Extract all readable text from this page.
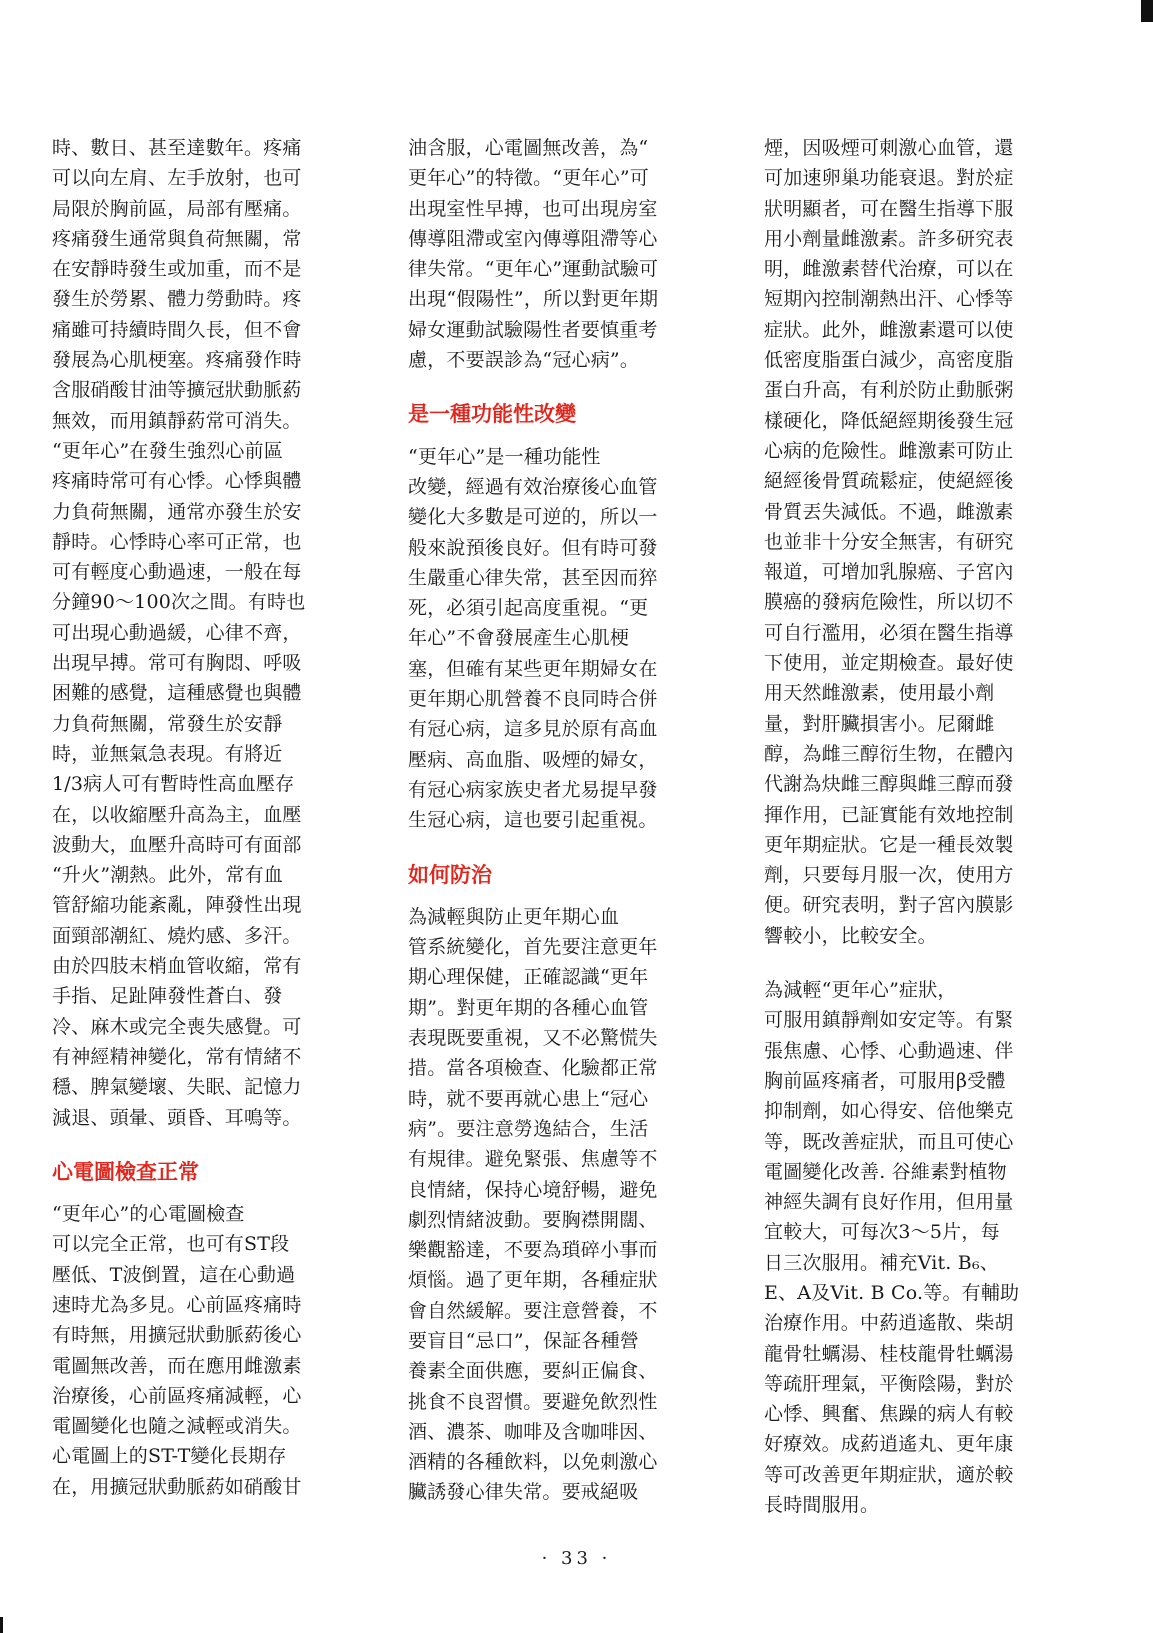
時、數日、甚至達數年。疼痛
可以向左肩、左手放射，也可
局限於胸前區，局部有壓痛。
疼痛發生通常與負荷無關，常
在安靜時發生或加重，而不是
發生於勞累、體力勞動時。疼
痛雖可持續時間久長，但不會
發展為心肌梗塞。疼痛發作時
含服硝酸甘油等擴冠狀動脈葯
無效，而用鎮靜葯常可消失。
“更年心”在發生強烈心前區
疼痛時常可有心悸。心悸與體
力負荷無關，通常亦發生於安
靜時。心悸時心率可正常，也
可有輕度心動過速，一般在每
分鐘90～100次之間。有時也
可出現心動過緩，心律不齊，
出現早搏。常可有胸悶、呼吸
困難的感覺，這種感覺也與體
力負荷無關，常發生於安靜
時，並無氣急表現。有將近
1/3病人可有暫時性高血壓存
在，以收縮壓升高為主，血壓
波動大，血壓升高時可有面部
“升火”潮熱。此外，常有血
管舒縮功能紊亂，陣發性出現
面頸部潮紅、燒灼感、多汗。
由於四肢末梢血管收縮，常有
手指、足趾陣發性蒼白、發
冷、麻木或完全喪失感覺。可
有神經精神變化，常有情緒不
穩、脾氣變壞、失眠、記憶力
減退、頭暈、頭昏、耳鳴等。
心電圖檢查正常
“更年心”的心電圖檢查
可以完全正常，也可有ST段
壓低、T波倒置，這在心動過
速時尤為多見。心前區疼痛時
有時無，用擴冠狀動脈葯後心
電圖無改善，而在應用雌激素
治療後，心前區疼痛減輕，心
電圖變化也隨之減輕或消失。
心電圖上的ST-T變化長期存
在，用擴冠狀動脈葯如硝酸甘
油含服，心電圖無改善，為“
更年心”的特徵。“更年心”可
出現室性早搏，也可出現房室
傳導阻滯或室內傳導阻滯等心
律失常。“更年心”運動試驗可
出現“假陽性”，所以對更年期
婦女運動試驗陽性者要慎重考
慮，不要誤診為“冠心病”。
是一種功能性改變
“更年心”是一種功能性
改變，經過有效治療後心血管
變化大多數是可逆的，所以一
般來說預後良好。但有時可發
生嚴重心律失常，甚至因而猝
死，必須引起高度重視。“更
年心”不會發展產生心肌梗
塞，但確有某些更年期婦女在
更年期心肌營養不良同時合併
有冠心病，這多見於原有高血
壓病、高血脂、吸煙的婦女，
有冠心病家族史者尤易提早發
生冠心病，這也要引起重視。
如何防治
為減輕與防止更年期心血
管系統變化，首先要注意更年
期心理保健，正確認識“更年
期”。對更年期的各種心血管
表現既要重視，又不必驚慌失
措。當各項檢查、化驗都正常
時，就不要再就心患上“冠心
病”。要注意勞逸結合，生活
有規律。避免緊張、焦慮等不
良情緒，保持心境舒暢，避免
劇烈情緒波動。要胸襟開闊、
樂觀豁達，不要為瑣碎小事而
煩惱。過了更年期，各種症狀
會自然緩解。要注意營養，不
要盲目“忌口”，保証各種營
養素全面供應，要糾正偏食、
挑食不良習慣。要避免飲烈性
酒、濃茶、咖啡及含咖啡因、
酒精的各種飲料，以免刺激心
臟誘發心律失常。要戒絕吸
煙，因吸煙可刺激心血管，還
可加速卵巢功能衰退。對於症
狀明顯者，可在醫生指導下服
用小劑量雌激素。許多研究表
明，雌激素替代治療，可以在
短期內控制潮熱出汗、心悸等
症狀。此外，雌激素還可以使
低密度脂蛋白減少，高密度脂
蛋白升高，有利於防止動脈粥
樣硬化，降低絕經期後發生冠
心病的危險性。雌激素可防止
絕經後骨質疏鬆症，使絕經後
骨質丟失減低。不過，雌激素
也並非十分安全無害，有研究
報道，可增加乳腺癌、子宮內
膜癌的發病危險性，所以切不
可自行濫用，必須在醫生指導
下使用，並定期檢查。最好使
用天然雌激素，使用最小劑
量，對肝臟損害小。尼爾雌
醇，為雌三醇衍生物，在體內
代謝為炔雌三醇與雌三醇而發
揮作用，已証實能有效地控制
更年期症狀。它是一種長效製
劑，只要每月服一次，使用方
便。研究表明，對子宮內膜影
響較小，比較安全。
為減輕“更年心”症狀，
可服用鎮靜劑如安定等。有緊
張焦慮、心悸、心動過速、伴
胸前區疼痛者，可服用β受體
抑制劑，如心得安、倍他樂克
等，既改善症狀，而且可使心
電圖變化改善. 谷維素對植物
神經失調有良好作用，但用量
宜較大，可每次3～5片，每
日三次服用。補充Vit. B₆、
E、A及Vit. B Co.等。有輔助
治療作用。中葯逍遙散、柴胡
龍骨牡蠣湯、桂枝龍骨牡蠣湯
等疏肝理氣，平衡陰陽，對於
心悸、興奮、焦躁的病人有較
好療效。成葯逍遙丸、更年康
等可改善更年期症狀，適於較
長時間服用。
· 33 ·
